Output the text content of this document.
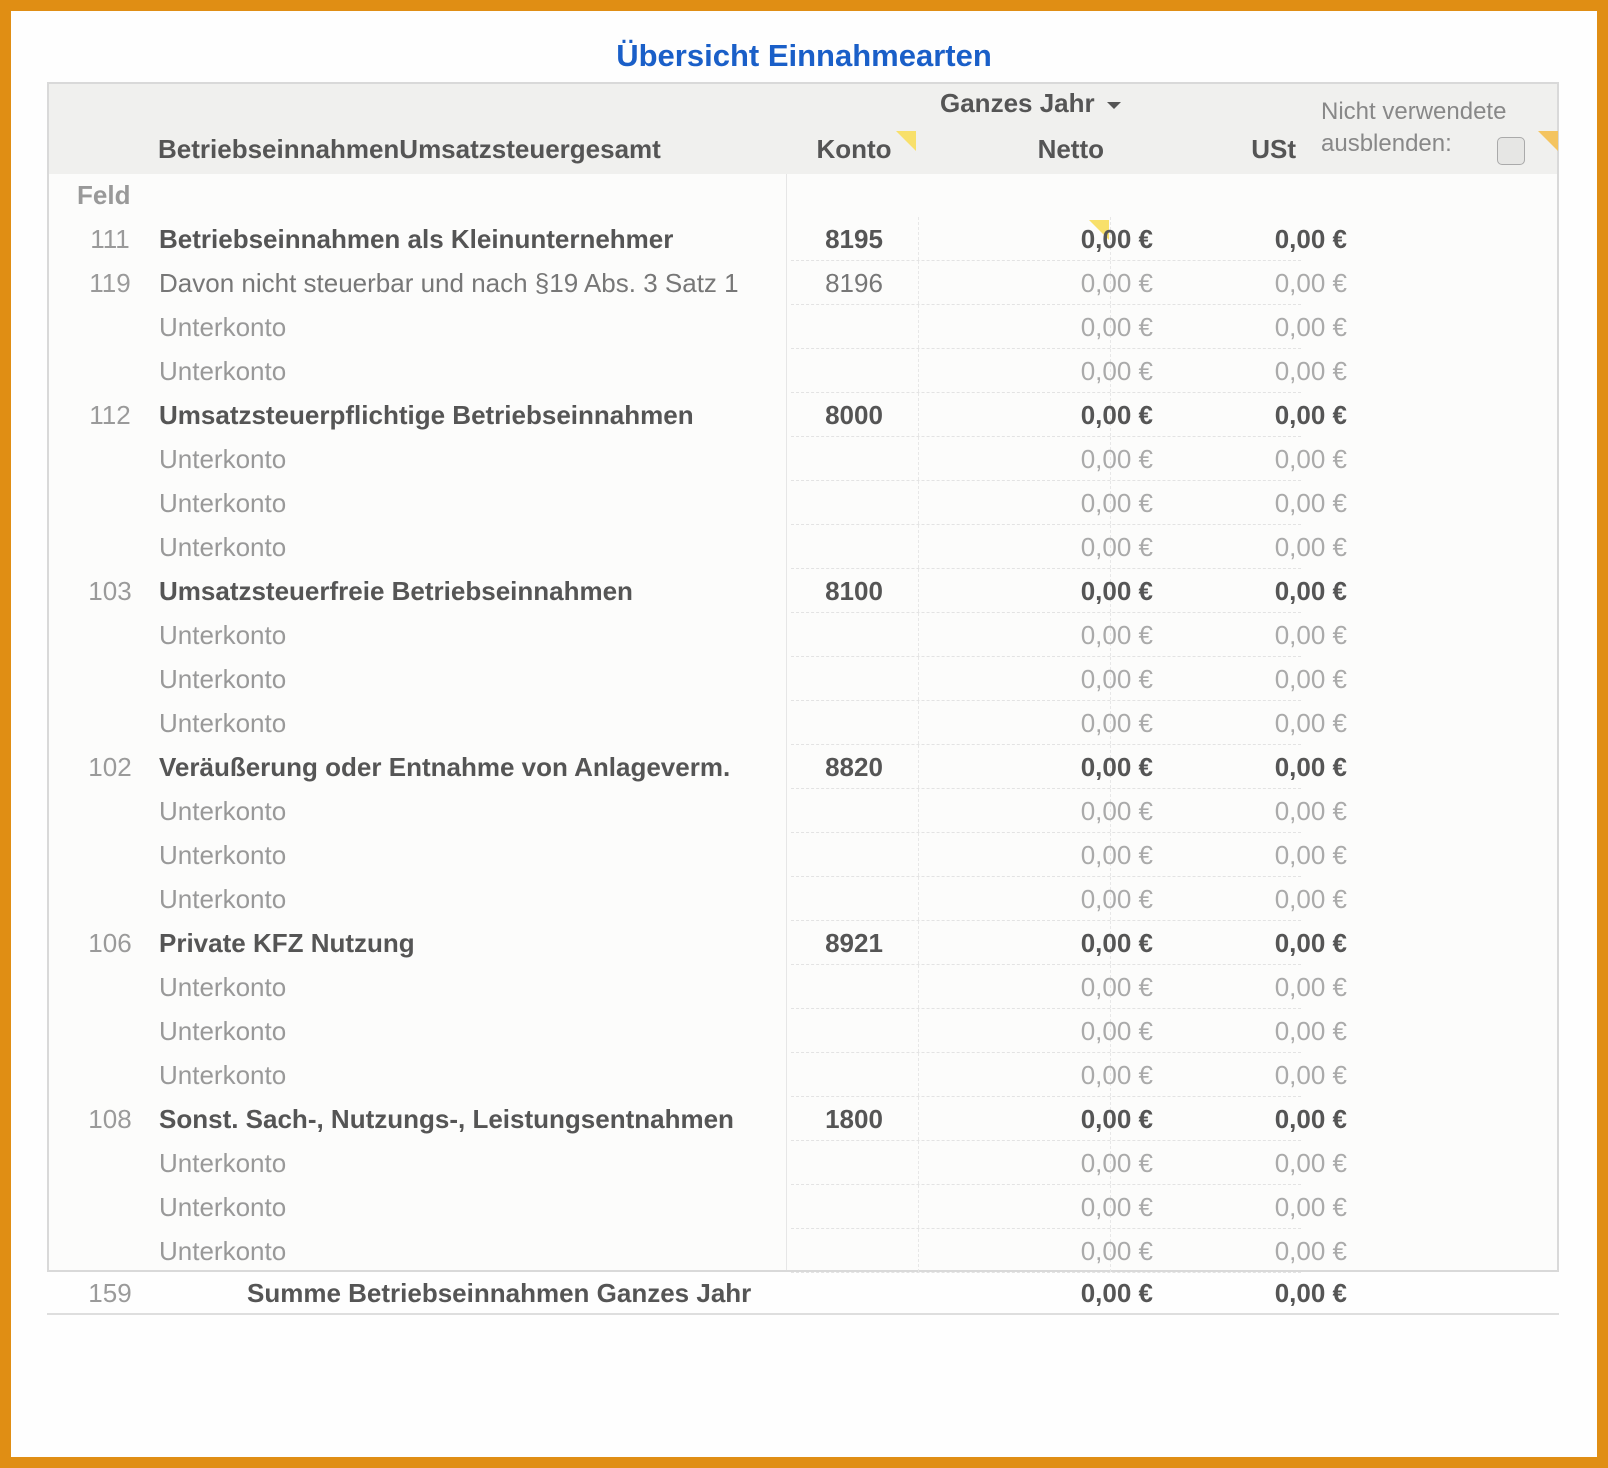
Übersicht Einnahmearten
Ganzes Jahr
BetriebseinnahmenUmsatzsteuergesamt	Konto	Netto	USt
Nicht verwendete
ausblenden:
Feld
111	Betriebseinnahmen als Kleinunternehmer	8195	0,00 €	0,00 €
119	Davon nicht steuerbar und nach §19 Abs. 3 Satz 1	8196	0,00 €	0,00 €
Unterkonto	0,00 €	0,00 €
Unterkonto	0,00 €	0,00 €
112	Umsatzsteuerpflichtige Betriebseinnahmen	8000	0,00 €	0,00 €
Unterkonto	0,00 €	0,00 €
Unterkonto	0,00 €	0,00 €
Unterkonto	0,00 €	0,00 €
103	Umsatzsteuerfreie Betriebseinnahmen	8100	0,00 €	0,00 €
Unterkonto	0,00 €	0,00 €
Unterkonto	0,00 €	0,00 €
Unterkonto	0,00 €	0,00 €
102	Veräußerung oder Entnahme von Anlageverm.	8820	0,00 €	0,00 €
Unterkonto	0,00 €	0,00 €
Unterkonto	0,00 €	0,00 €
Unterkonto	0,00 €	0,00 €
106	Private KFZ Nutzung	8921	0,00 €	0,00 €
Unterkonto	0,00 €	0,00 €
Unterkonto	0,00 €	0,00 €
Unterkonto	0,00 €	0,00 €
108	Sonst. Sach-, Nutzungs-, Leistungsentnahmen	1800	0,00 €	0,00 €
Unterkonto	0,00 €	0,00 €
Unterkonto	0,00 €	0,00 €
Unterkonto	0,00 €	0,00 €
159	Summe Betriebseinnahmen Ganzes Jahr	0,00 €	0,00 €
